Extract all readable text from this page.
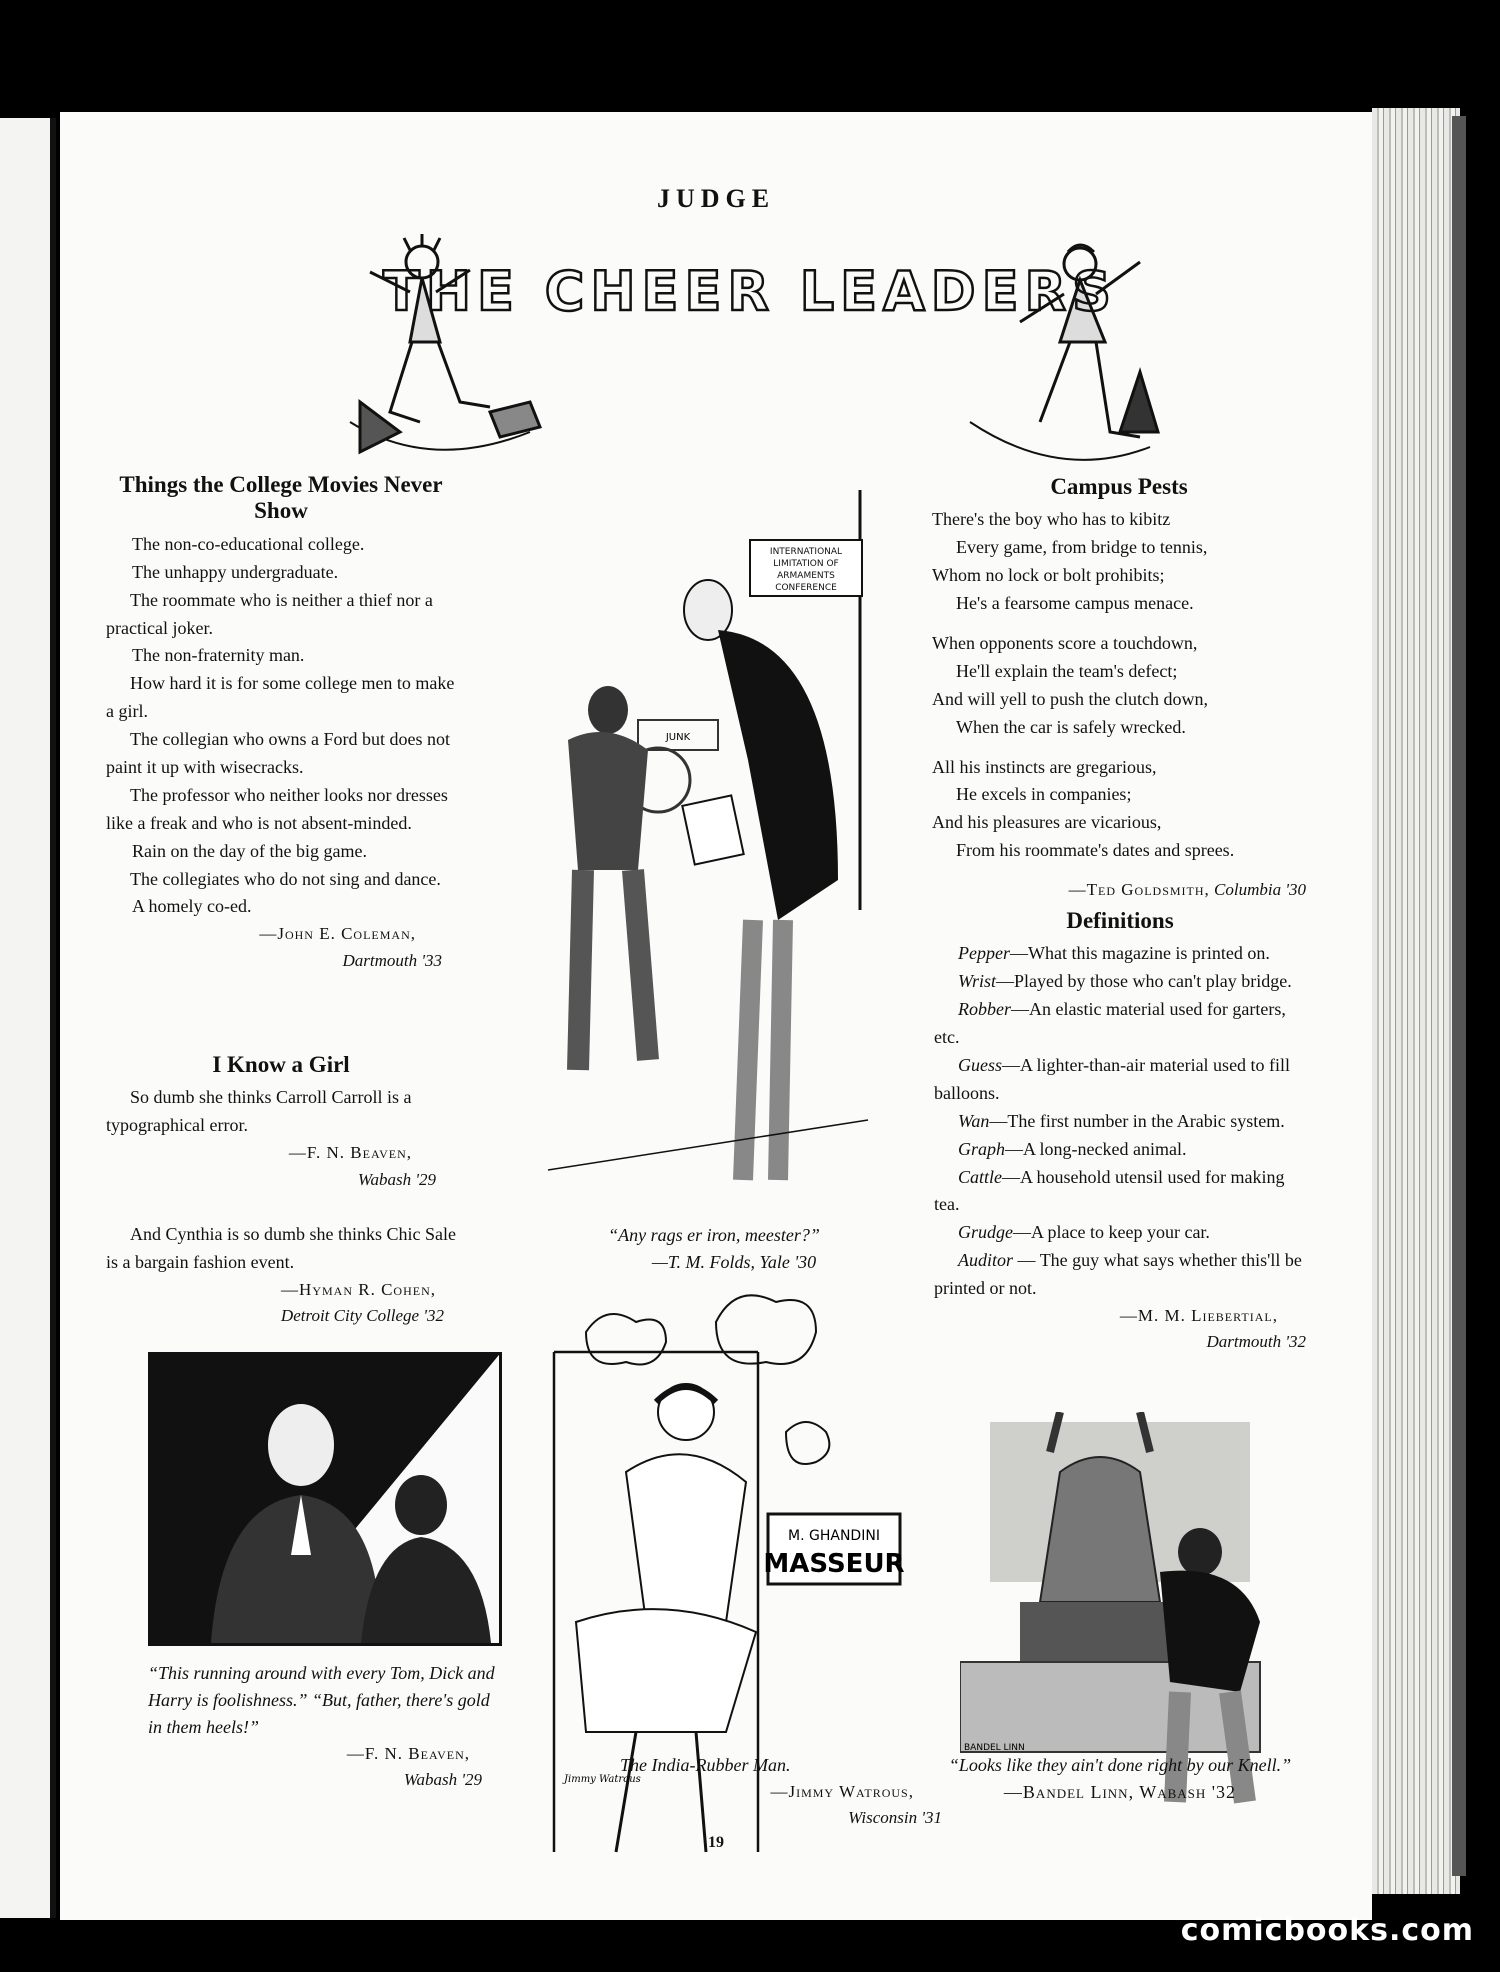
JUDGE
THE CHEER LEADERS
Things the College Movies Never Show

The non-co-educational college.

The unhappy undergraduate.

The roommate who is neither a thief nor a practical joker.

The non-fraternity man.

How hard it is for some college men to make a girl.

The collegian who owns a Ford but does not paint it up with wisecracks.

The professor who neither looks nor dresses like a freak and who is not absent-minded.

Rain on the day of the big game.

The collegiates who do not sing and dance.

A homely co-ed.

—John E. Coleman,
Dartmouth '33
I Know a Girl

So dumb she thinks Carroll Carroll is a typographical error.

—F. N. Beaven,
Wabash '29

And Cynthia is so dumb she thinks Chic Sale is a bargain fashion event.

—Hyman R. Cohen,
Detroit City College '32
“This running around with every Tom, Dick and Harry is foolishness.” “But, father, there's gold in them heels!”
—F. N. Beaven,
Wabash '29
INTERNATIONAL LIMITATION OF ARMAMENTS CONFERENCE
JUNK
“Any rags er iron, meester?”
—T. M. Folds, Yale '30
M. GHANDINI
MASSEUR
Jimmy Watrous
The India-Rubber Man.
—Jimmy Watrous,
Wisconsin '31
Campus Pests

There's the boy who has to kibitz

Every game, from bridge to tennis,

Whom no lock or bolt prohibits;

He's a fearsome campus menace.

When opponents score a touchdown,

He'll explain the team's defect;

And will yell to push the clutch down,

When the car is safely wrecked.

All his instincts are gregarious,

He excels in companies;

And his pleasures are vicarious,

From his roommate's dates and sprees.

—Ted Goldsmith, Columbia '30
Definitions

Pepper—What this magazine is printed on.

Wrist—Played by those who can't play bridge.

Robber—An elastic material used for garters, etc.

Guess—A lighter-than-air material used to fill balloons.

Wan—The first number in the Arabic system.

Graph—A long-necked animal.

Cattle—A household utensil used for making tea.

Grudge—A place to keep your car.

Auditor — The guy what says whether this'll be printed or not.

—M. M. Liebertial,
Dartmouth '32
BANDEL LINN
“Looks like they ain't done right by our Knell.”
—Bandel Linn, Wabash '32
19
comicbooks.com
